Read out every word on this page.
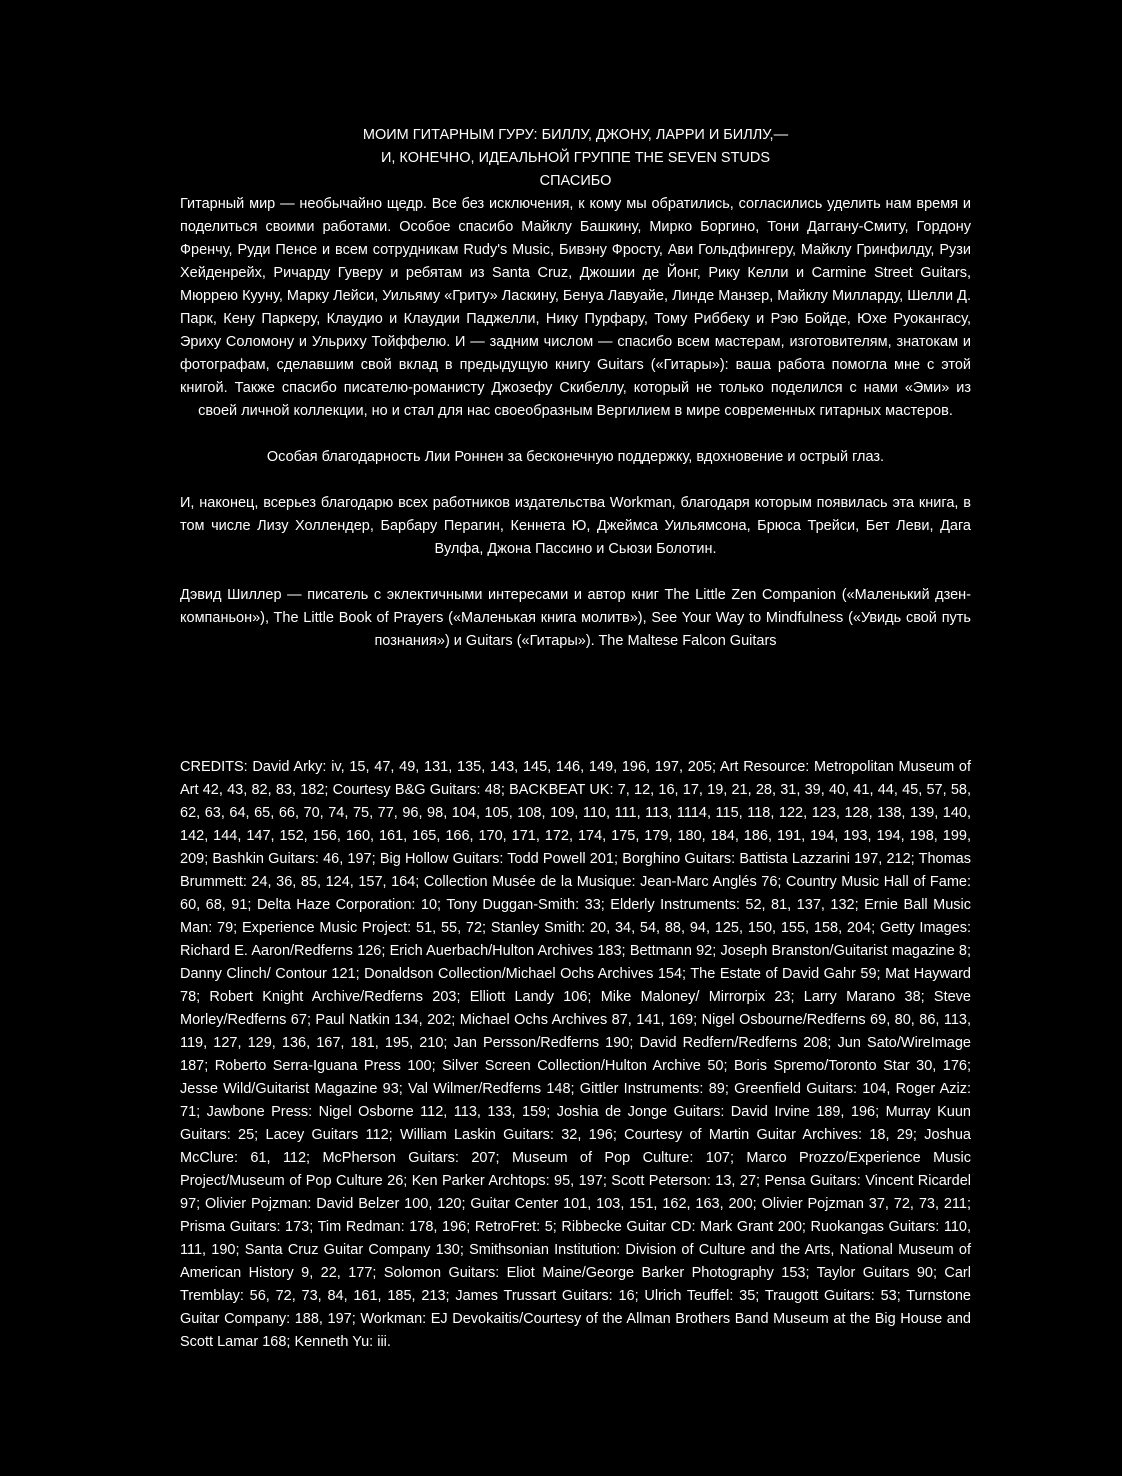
МОИМ ГИТАРНЫМ ГУРУ: БИЛЛУ, ДЖОНУ, ЛАРРИ И БИЛЛУ,—
И, КОНЕЧНО, ИДЕАЛЬНОЙ ГРУППЕ THE SEVEN STUDS
СПАСИБО

Гитарный мир — необычайно щедр. Все без исключения, к кому мы обратились, согласились уделить нам время и поделиться своими работами. Особое спасибо Майклу Башкину, Мирко Боргино, Тони Даггану-Смиту, Гордону Френчу, Руди Пенсе и всем сотрудникам Rudy's Music, Бивэну Фросту, Ави Гольдфингеру, Майклу Гринфилду, Рузи Хейденрейх, Ричарду Гуверу и ребятам из Santa Cruz, Джошии де Йонг, Рику Келли и Carmine Street Guitars, Мюррею Кууну, Марку Лейси, Уильяму «Гриту» Ласкину, Бенуа Лавуайе, Линде Манзер, Майклу Милларду, Шелли Д. Парк, Кену Паркеру, Клаудио и Клаудии Паджелли, Нику Пурфару, Тому Риббеку и Рэю Бойде, Юхе Руокангасу, Эриху Соломону и Ульриху Тойффелю. И — задним числом — спасибо всем мастерам, изготовителям, знатокам и фотографам, сделавшим свой вклад в предыдущую книгу Guitars («Гитары»): ваша работа помогла мне с этой книгой. Также спасибо писателю-романисту Джозефу Скибеллу, который не только поделился с нами «Эми» из своей личной коллекции, но и стал для нас своеобразным Вергилием в мире современных гитарных мастеров.

Особая благодарность Лии Роннен за бесконечную поддержку, вдохновение и острый глаз.

И, наконец, всерьез благодарю всех работников издательства Workman, благодаря которым появилась эта книга, в том числе Лизу Холлендер, Барбару Перагин, Кеннета Ю, Джеймса Уильямсона, Брюса Трейси, Бет Леви, Дага Вулфа, Джона Пассино и Сьюзи Болотин.

Дэвид Шиллер — писатель с эклектичными интересами и автор книг The Little Zen Companion («Маленький дзен-компаньон»), The Little Book of Prayers («Маленькая книга молитв»), See Your Way to Mindfulness («Увидь свой путь познания») и Guitars («Гитары»). The Maltese Falcon Guitars

CREDITS: David Arky: iv, 15, 47, 49, 131, 135, 143, 145, 146, 149, 196, 197, 205; Art Resource: Metropolitan Museum of Art 42, 43, 82, 83, 182; Courtesy B&G Guitars: 48; BACKBEAT UK: 7, 12, 16, 17, 19, 21, 28, 31, 39, 40, 41, 44, 45, 57, 58, 62, 63, 64, 65, 66, 70, 74, 75, 77, 96, 98, 104, 105, 108, 109, 110, 111, 113, 1114, 115, 118, 122, 123, 128, 138, 139, 140, 142, 144, 147, 152, 156, 160, 161, 165, 166, 170, 171, 172, 174, 175, 179, 180, 184, 186, 191, 194, 193, 194, 198, 199, 209; Bashkin Guitars: 46, 197; Big Hollow Guitars: Todd Powell 201; Borghino Guitars: Battista Lazzarini 197, 212; Thomas Brummett: 24, 36, 85, 124, 157, 164; Collection Musée de la Musique: Jean-Marc Anglés 76; Country Music Hall of Fame: 60, 68, 91; Delta Haze Corporation: 10; Tony Duggan-Smith: 33; Elderly Instruments: 52, 81, 137, 132; Ernie Ball Music Man: 79; Experience Music Project: 51, 55, 72; Stanley Smith: 20, 34, 54, 88, 94, 125, 150, 155, 158, 204; Getty Images: Richard E. Aaron/Redferns 126; Erich Auerbach/Hulton Archives 183; Bettmann 92; Joseph Branston/Guitarist magazine 8; Danny Clinch/ Contour 121; Donaldson Collection/Michael Ochs Archives 154; The Estate of David Gahr 59; Mat Hayward 78; Robert Knight Archive/Redferns 203; Elliott Landy 106; Mike Maloney/ Mirrorpix 23; Larry Marano 38; Steve Morley/Redferns 67; Paul Natkin 134, 202; Michael Ochs Archives 87, 141, 169; Nigel Osbourne/Redferns 69, 80, 86, 113, 119, 127, 129, 136, 167, 181, 195, 210; Jan Persson/Redferns 190; David Redfern/Redferns 208; Jun Sato/WireImage 187; Roberto Serra-Iguana Press 100; Silver Screen Collection/Hulton Archive 50; Boris Spremo/Toronto Star 30, 176; Jesse Wild/Guitarist Magazine 93; Val Wilmer/Redferns 148; Gittler Instruments: 89; Greenfield Guitars: 104, Roger Aziz: 71; Jawbone Press: Nigel Osborne 112, 113, 133, 159; Joshia de Jonge Guitars: David Irvine 189, 196; Murray Kuun Guitars: 25; Lacey Guitars 112; William Laskin Guitars: 32, 196; Courtesy of Martin Guitar Archives: 18, 29; Joshua McClure: 61, 112; McPherson Guitars: 207; Museum of Pop Culture: 107; Marco Prozzo/Experience Music Project/Museum of Pop Culture 26; Ken Parker Archtops: 95, 197; Scott Peterson: 13, 27; Pensa Guitars: Vincent Ricardel 97; Olivier Pojzman: David Belzer 100, 120; Guitar Center 101, 103, 151, 162, 163, 200; Olivier Pojzman 37, 72, 73, 211; Prisma Guitars: 173; Tim Redman: 178, 196; RetroFret: 5; Ribbecke Guitar CD: Mark Grant 200; Ruokangas Guitars: 110, 111, 190; Santa Cruz Guitar Company 130; Smithsonian Institution: Division of Culture and the Arts, National Museum of American History 9, 22, 177; Solomon Guitars: Eliot Maine/George Barker Photography 153; Taylor Guitars 90; Carl Tremblay: 56, 72, 73, 84, 161, 185, 213; James Trussart Guitars: 16; Ulrich Teuffel: 35; Traugott Guitars: 53; Turnstone Guitar Company: 188, 197; Workman: EJ Devokaitis/Courtesy of the Allman Brothers Band Museum at the Big House and Scott Lamar 168; Kenneth Yu: iii.
